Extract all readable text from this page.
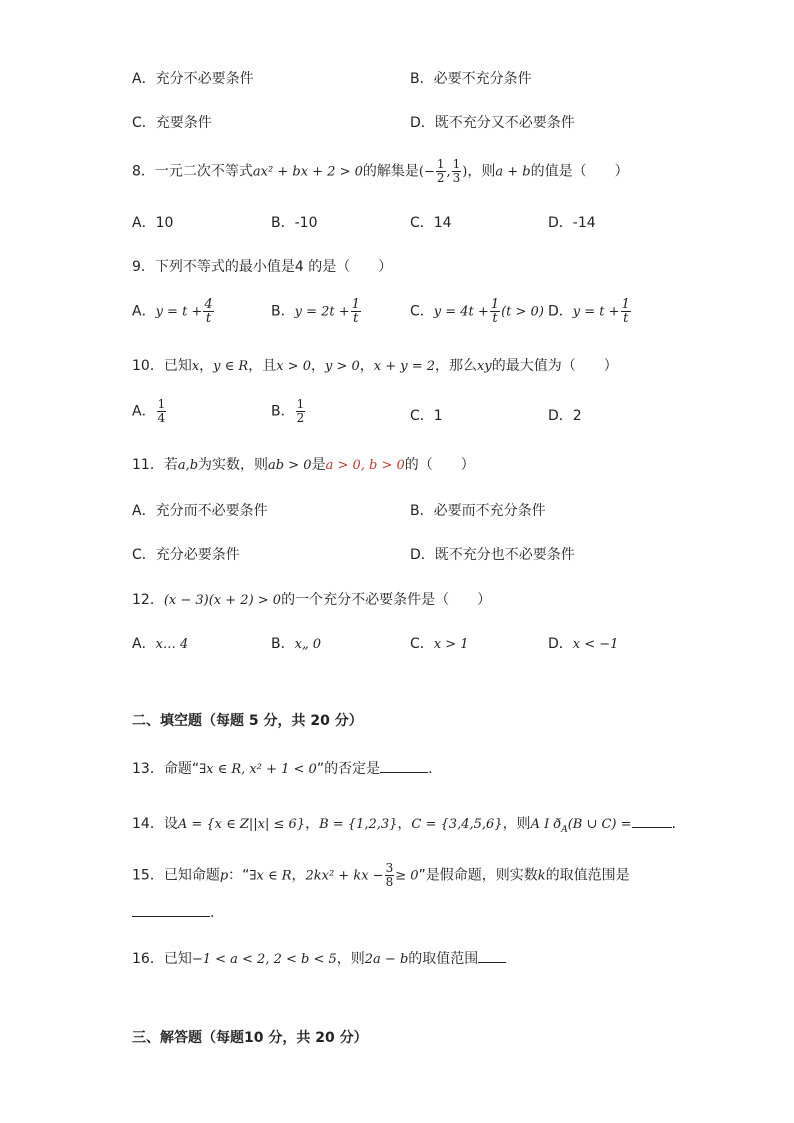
A．充分不必要条件	B．必要不充分条件
C．充要条件	D．既不充分又不必要条件
8．一元二次不等式ax² + bx + 2 > 0的解集是(− $\frac{1}{2}$ , $\frac{1}{3}$ )，则a + b的值是（　　）
A．10	B．-10	C．14	D．-14
9．下列不等式的最小值是4 的是（　　）
A．$y = t + \frac{4}{t}$	B．$y = 2t + \frac{1}{t}$	C．$y = 4t + \frac{1}{t} (t > 0)$ D．$y = t + \frac{1}{t}$
10．已知x，y ∈ R，且x > 0，y > 0，x + y = 2，那么xy的最大值为（　　）
A． $\frac{1}{4}$	B． $\frac{1}{2}$	C．1	D．2
11．若a,b为实数，则ab > 0是a > 0, b > 0的（　　）
A．充分而不必要条件	B．必要而不充分条件
C．充分必要条件	D．既不充分也不必要条件
12．(x − 3)(x + 2) > 0的一个充分不必要条件是（　　）
A．x… 4	B．x„ 0	C．x > 1	D．x < −1
二、填空题（每题 5 分，共 20 分）
13．命题“∃x ∈ R, x² + 1 < 0”的否定是	.
14．设A = {x ∈ Z||x| ≤ 6}，B = {1,2,3}，C = {3,4,5,6}，则A I $ð_A(B$ ∪ C) =	.
15．已知命题p：“∃x ∈ R，2kx² + kx − $\frac{3}{8} \ge 0$”是假命题，则实数k的取值范围是
.
16．已知−1 < a < 2, 2 < b < 5，则2a − b的取值范围
三、解答题（每题10 分，共 20 分）
